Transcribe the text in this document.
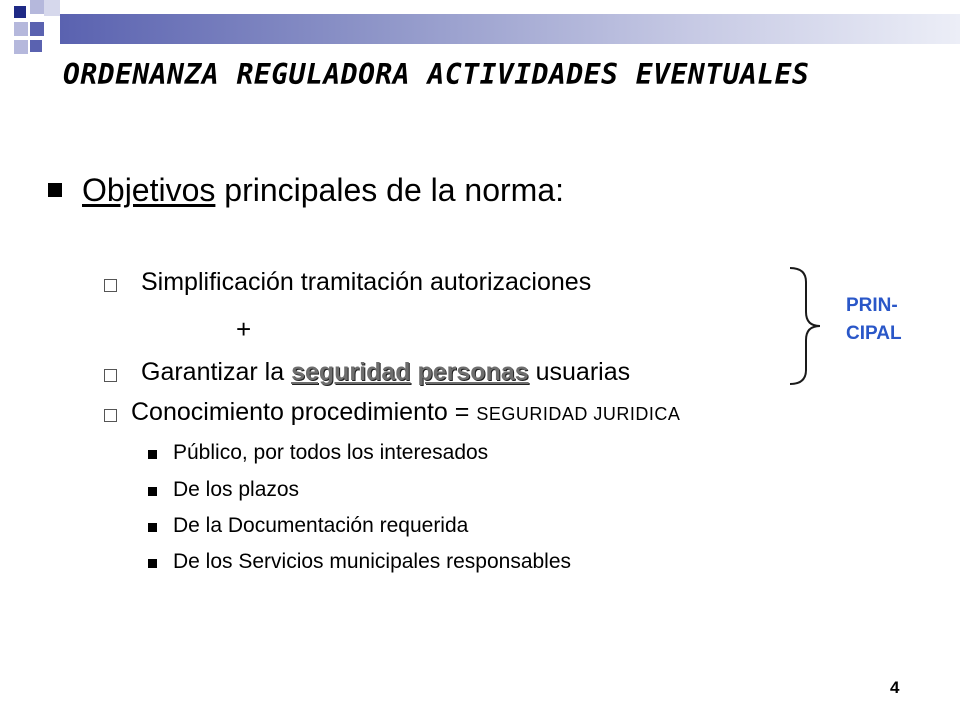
ORDENANZA REGULADORA ACTIVIDADES EVENTUALES
Objetivos principales de la norma:
Simplificación tramitación autorizaciones
+
Garantizar la seguridad personas usuarias
Conocimiento procedimiento = SEGURIDAD JURIDICA
Público, por todos los interesados
De los plazos
De la Documentación requerida
De los Servicios municipales responsables
PRIN-
CIPAL
4
